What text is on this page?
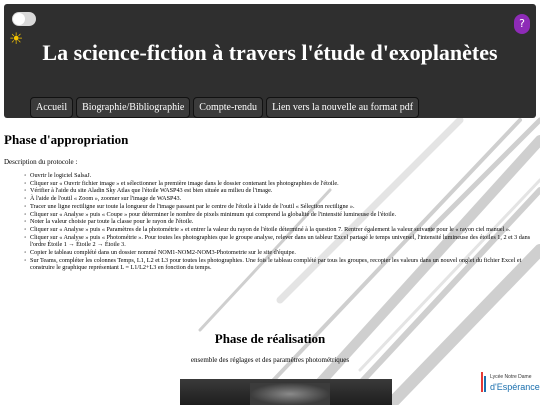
☀
?
La science-fiction à travers l'étude d'exoplanètes
Accueil	Biographie/Bibliographie	Compte-rendu	Lien vers la nouvelle au format pdf
Phase d'appropriation
Description du protocole :
◦ Ouvrir le logiciel SalsaJ.
◦ Cliquer sur « Ouvrir fichier image » et sélectionner la première image dans le dossier contenant les photographies de l'étoile.
◦ Vérifier à l'aide du site Aladin Sky Atlas que l'étoile WASP43 est bien située au milieu de l'image.
◦ À l'aide de l'outil « Zoom », zoomer sur l'image de WASP43.
◦ Tracer une ligne rectiligne sur toute la longueur de l'image passant par le centre de l'étoile à l'aide de l'outil « Sélection rectiligne ».
◦ Cliquer sur « Analyse » puis « Coupe » pour déterminer le nombre de pixels minimum qui comprend la globalité de l'intensité lumineuse de l'étoile.
◦ Noter la valeur choisie par toute la classe pour le rayon de l'étoile.
◦ Cliquer sur « Analyse » puis « Paramètres de la photométrie » et entrer la valeur du rayon de l'étoile déterminé à la question 7. Rentrer également la valeur suivante pour le « rayon ciel manuel ».
◦ Cliquer sur « Analyse » puis « Photométrie ». Pour toutes les photographies que le groupe analyse, relever dans un tableur Excel partagé le temps universel, l'intensité lumineuse des étoiles 1, 2 et 3 dans l'ordre Étoile 1 → Étoile 2 → Étoile 3.
◦ Copier le tableau complété dans un dossier nommé NOM1-NOM2-NOM3-Photometrie sur le site d'équipe.
◦ Sur Teams, compléter les colonnes Temps, L1, L2 et L3 pour toutes les photographies. Une fois le tableau complété par tous les groupes, recopier les valeurs dans un nouvel onglet du fichier Excel et construire le graphique représentant L = L1/L2+L3 en fonction du temps.
Phase de réalisation
ensemble des réglages et des paramètres photométriques
Lycée Notre Dame
d'Espérance
